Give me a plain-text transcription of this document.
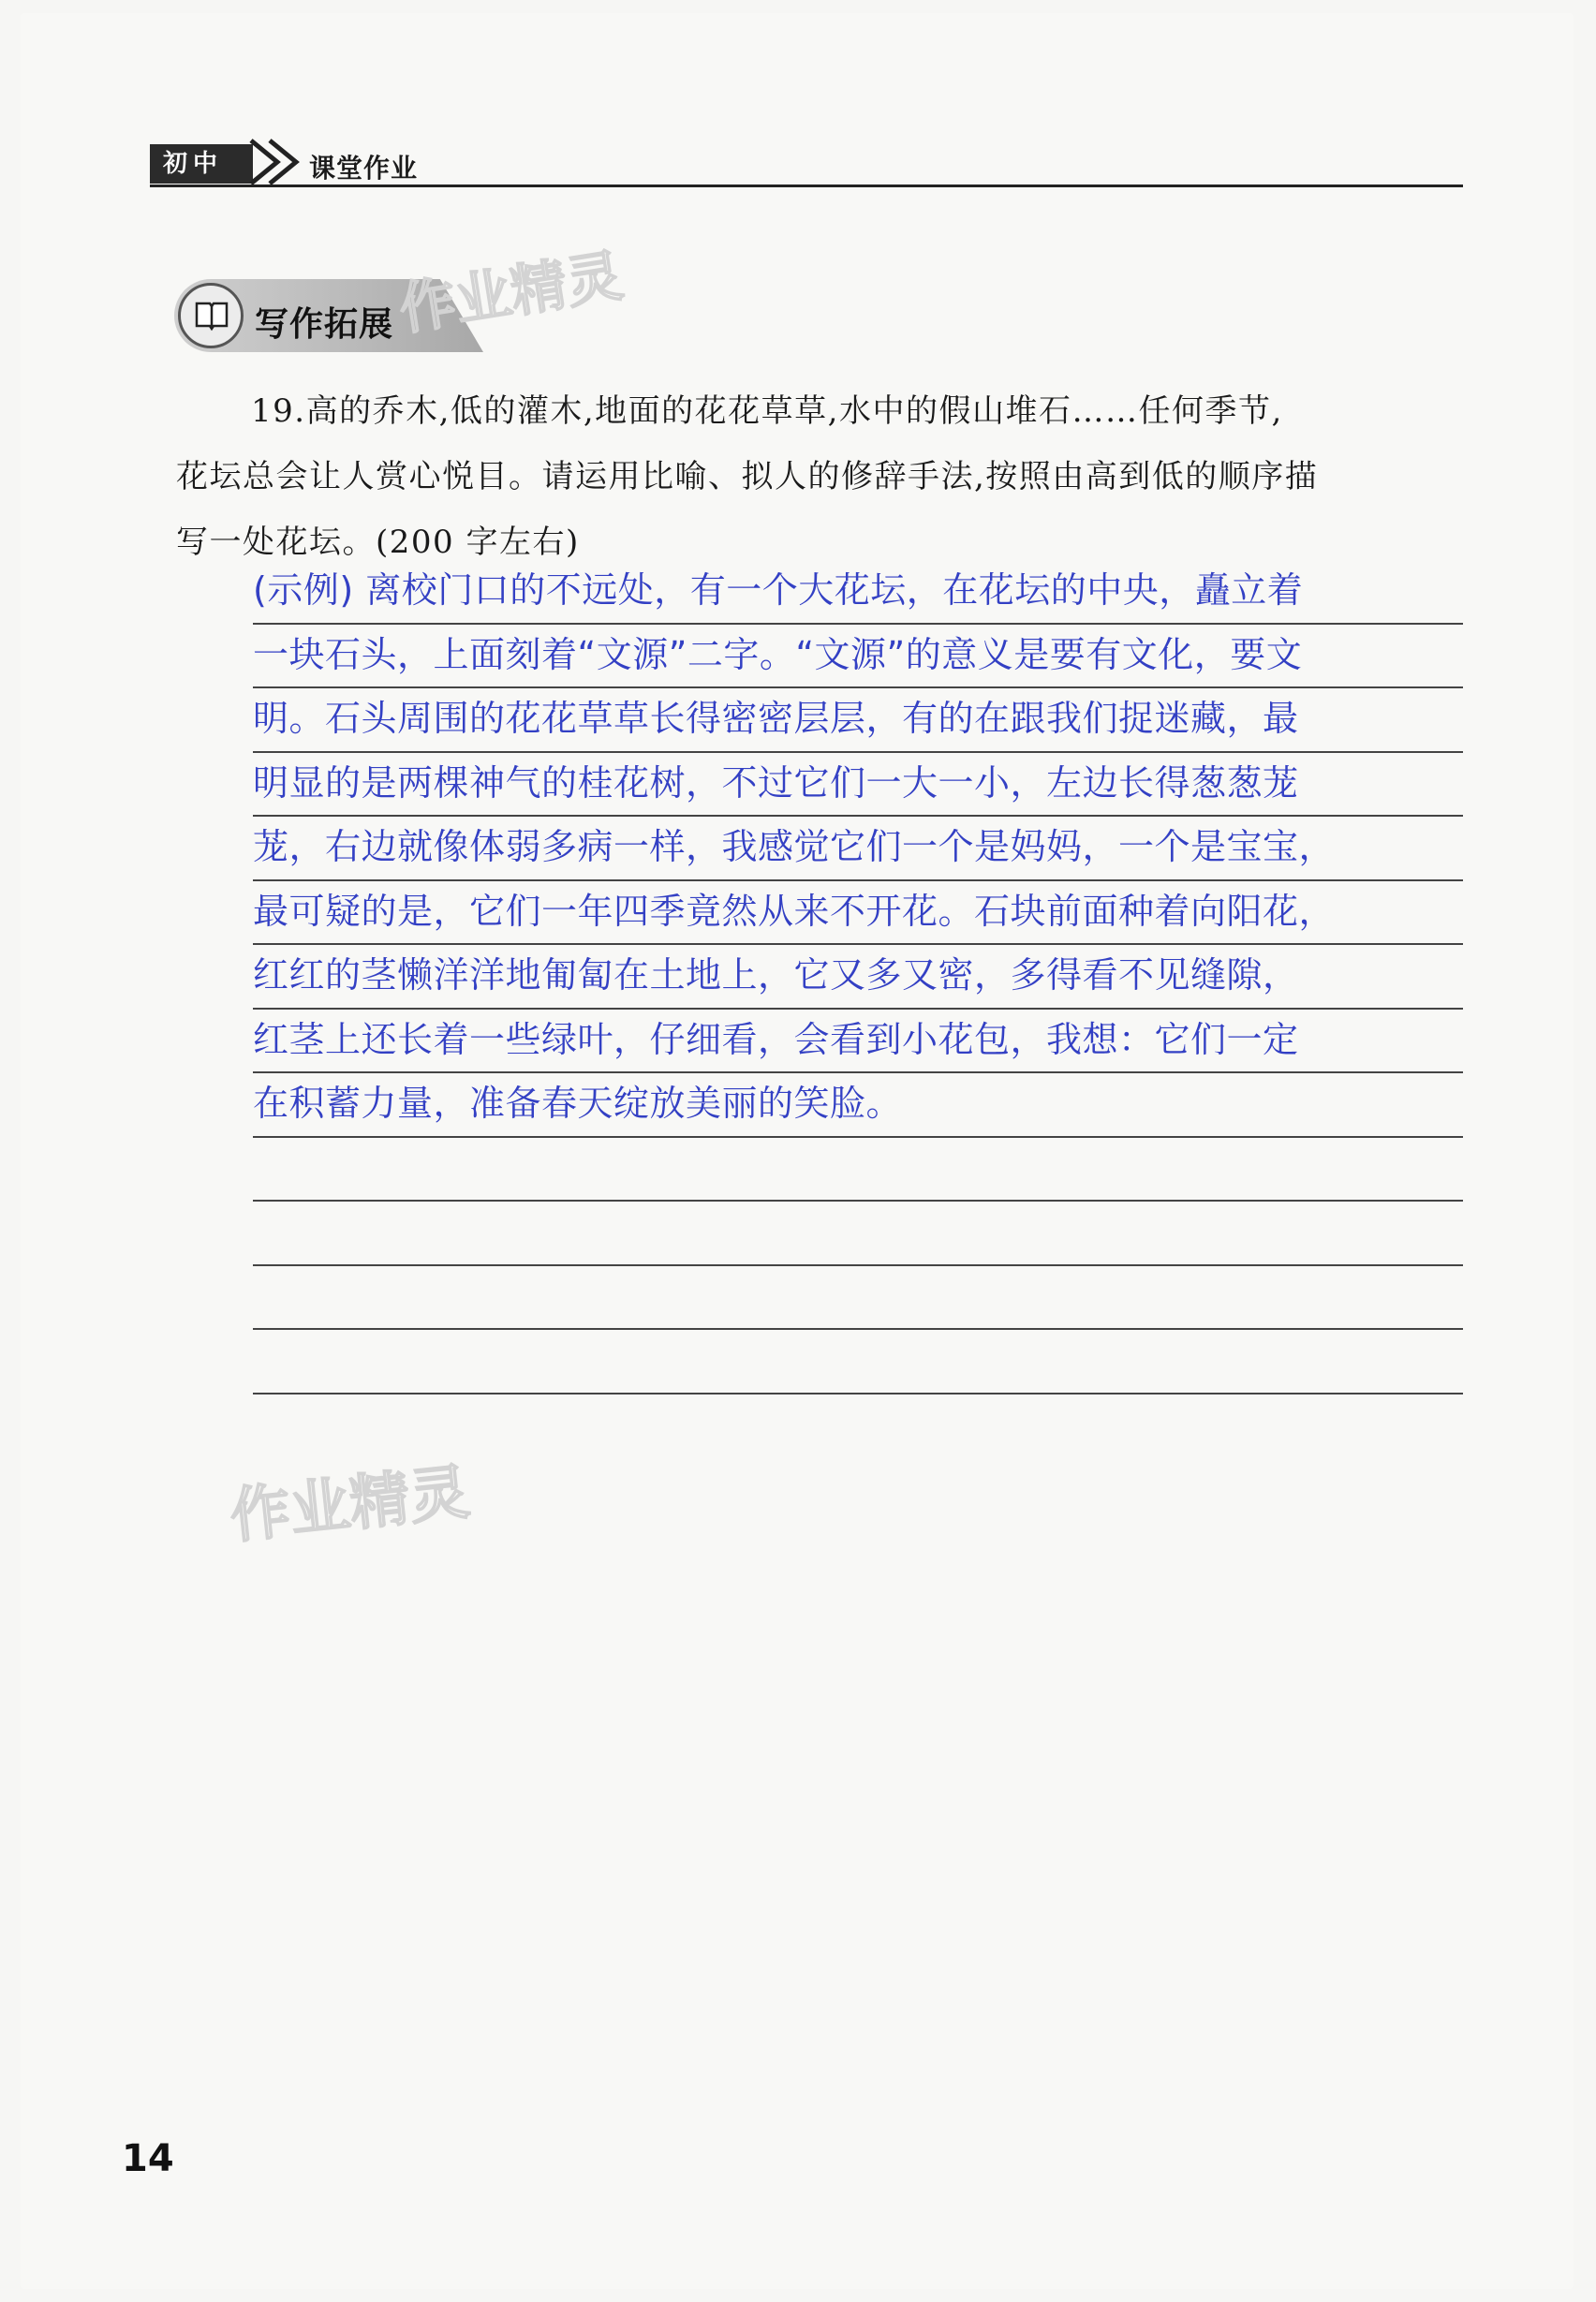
初中	课堂作业
写作拓展 作业精灵
作业精灵

19.高的乔木,低的灌木,地面的花花草草,水中的假山堆石……任何季节,

花坛总会让人赏心悦目。请运用比喻、拟人的修辞手法,按照由高到低的顺序描

写一处花坛。(200 字左右)

(示例) 离校门口的不远处，有一个大花坛，在花坛的中央，矗立着
一块石头，上面刻着“文源”二字。“文源”的意义是要有文化，要文
明。石头周围的花花草草长得密密层层，有的在跟我们捉迷藏，最
明显的是两棵神气的桂花树，不过它们一大一小，左边长得葱葱茏
茏，右边就像体弱多病一样，我感觉它们一个是妈妈，一个是宝宝，
最可疑的是，它们一年四季竟然从来不开花。石块前面种着向阳花，
红红的茎懒洋洋地匍匐在土地上，它又多又密，多得看不见缝隙，
红茎上还长着一些绿叶，仔细看，会看到小花包，我想：它们一定
在积蓄力量，准备春天绽放美丽的笑脸。
14
